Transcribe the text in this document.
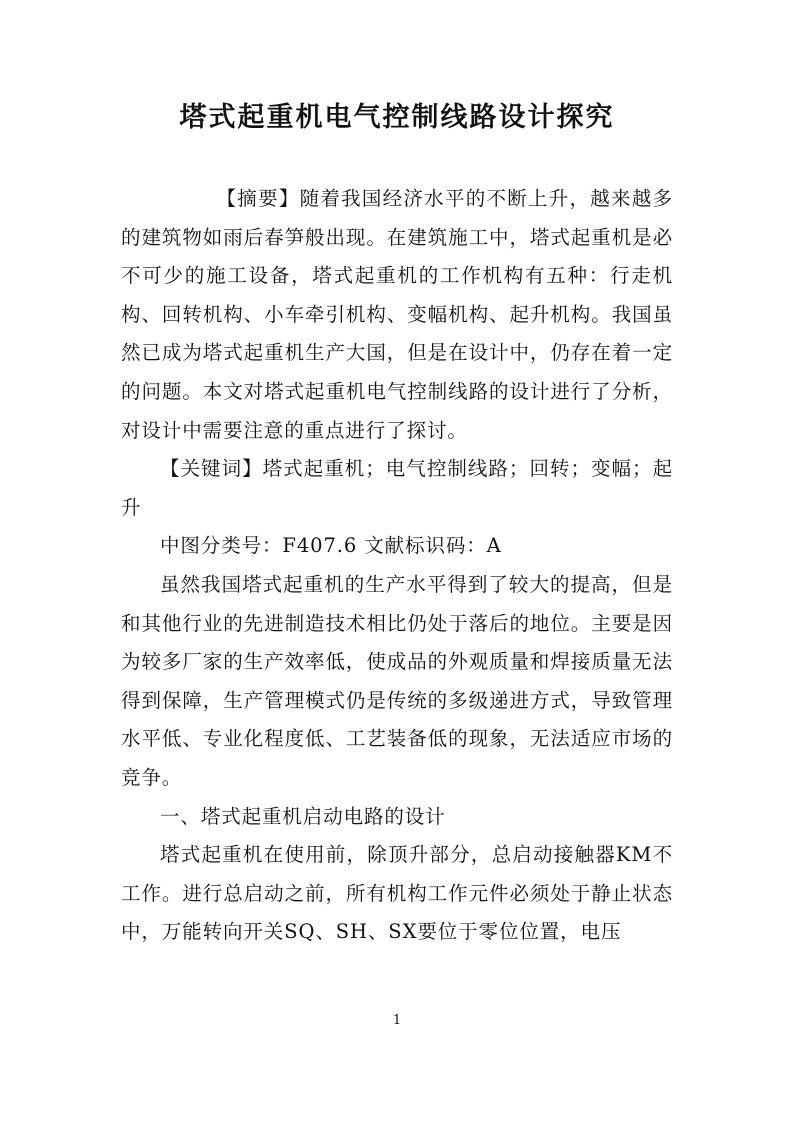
塔式起重机电气控制线路设计探究

【摘要】随着我国经济水平的不断上升，越来越多的建筑物如雨后春笋般出现。在建筑施工中，塔式起重机是必不可少的施工设备，塔式起重机的工作机构有五种：行走机构、回转机构、小车牵引机构、变幅机构、起升机构。我国虽然已成为塔式起重机生产大国，但是在设计中，仍存在着一定的问题。本文对塔式起重机电气控制线路的设计进行了分析，对设计中需要注意的重点进行了探讨。

【关键词】塔式起重机；电气控制线路；回转；变幅；起升

中图分类号：F407.6 文献标识码：A

虽然我国塔式起重机的生产水平得到了较大的提高，但是和其他行业的先进制造技术相比仍处于落后的地位。主要是因为较多厂家的生产效率低，使成品的外观质量和焊接质量无法得到保障，生产管理模式仍是传统的多级递进方式，导致管理水平低、专业化程度低、工艺装备低的现象，无法适应市场的竞争。

一、塔式起重机启动电路的设计

塔式起重机在使用前，除顶升部分，总启动接触器KM不工作。进行总启动之前，所有机构工作元件必须处于静止状态中，万能转向开关SQ、SH、SX要位于零位位置，电压

1
